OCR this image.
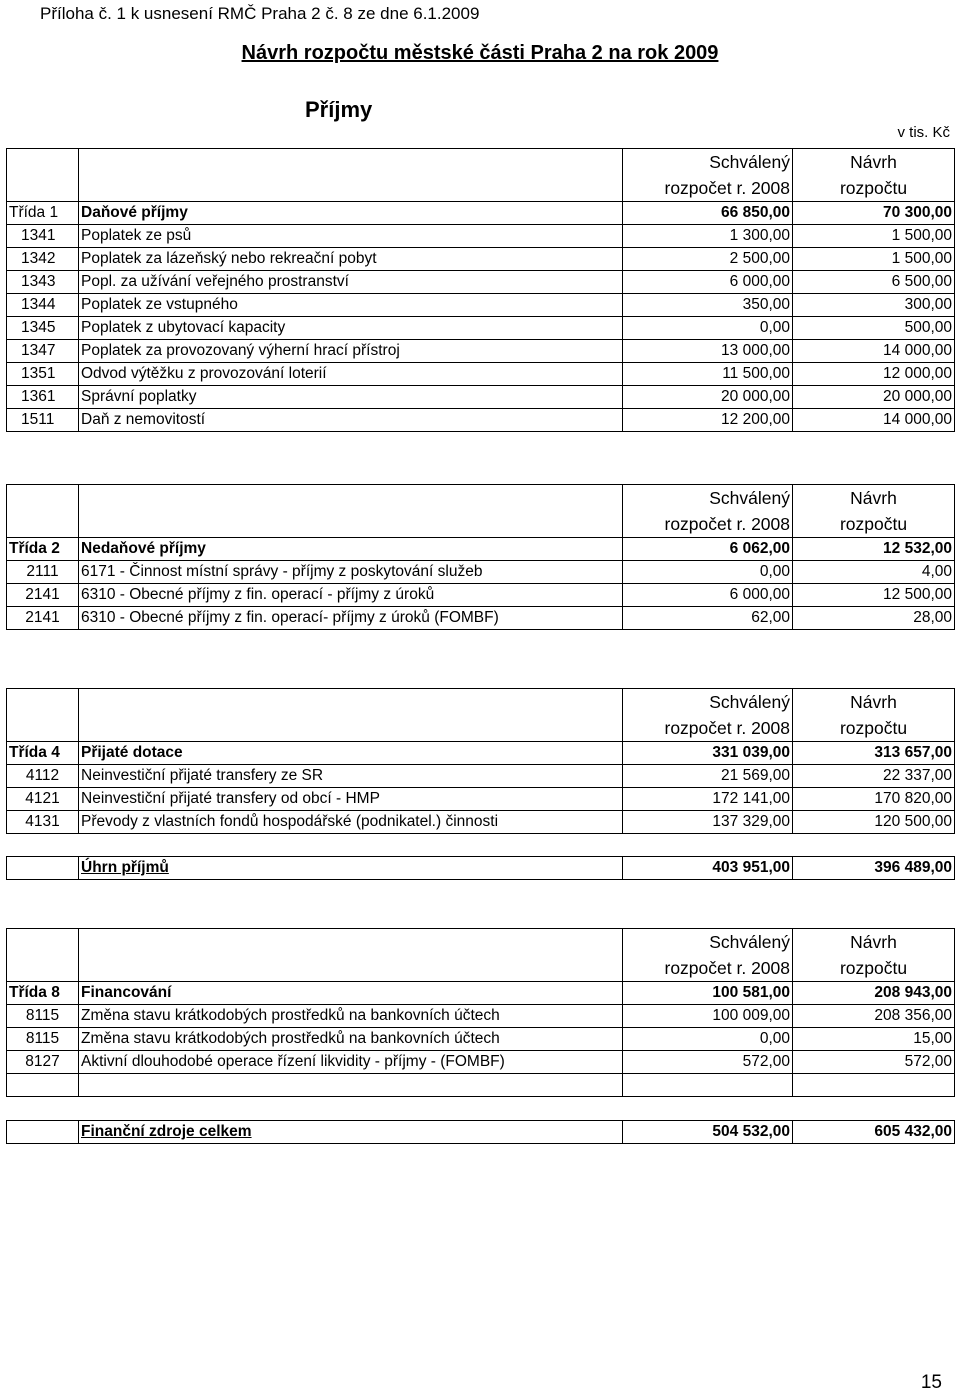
Příloha č. 1 k usnesení RMČ Praha 2 č. 8 ze dne 6.1.2009
Návrh rozpočtu městské části Praha 2 na rok 2009
Příjmy
v tis. Kč
		Schválený	Návrh
		rozpočet r. 2008	rozpočtu
Třída 1	Daňové příjmy	66 850,00	70 300,00
1341	Poplatek ze psů	1 300,00	1 500,00
1342	Poplatek za lázeňský nebo rekreační pobyt	2 500,00	1 500,00
1343	Popl. za užívání veřejného prostranství	6 000,00	6 500,00
1344	Poplatek ze vstupného	350,00	300,00
1345	Poplatek z ubytovací kapacity	0,00	500,00
1347	Poplatek za provozovaný výherní hrací přístroj	13 000,00	14 000,00
1351	Odvod výtěžku z provozování loterií	11 500,00	12 000,00
1361	Správní poplatky	20 000,00	20 000,00
1511	Daň z nemovitostí	12 200,00	14 000,00
		Schválený	Návrh
		rozpočet r. 2008	rozpočtu
Třída 2	Nedaňové příjmy	6 062,00	12 532,00
2111	6171 - Činnost místní správy - příjmy z poskytování služeb	0,00	4,00
2141	6310 - Obecné příjmy z fin. operací - příjmy z úroků	6 000,00	12 500,00
2141	6310 - Obecné příjmy z fin. operací- příjmy z úroků (FOMBF)	62,00	28,00
		Schválený	Návrh
		rozpočet r. 2008	rozpočtu
Třída 4	Přijaté dotace	331 039,00	313 657,00
4112	Neinvestiční přijaté transfery ze SR	21 569,00	22 337,00
4121	Neinvestiční přijaté transfery od obcí - HMP	172 141,00	170 820,00
4131	Převody z vlastních fondů hospodářské (podnikatel.) činnosti	137 329,00	120 500,00
	Úhrn příjmů	403 951,00	396 489,00
		Schválený	Návrh
		rozpočet r. 2008	rozpočtu
Třída 8	Financování	100 581,00	208 943,00
8115	Změna stavu krátkodobých prostředků na bankovních účtech	100 009,00	208 356,00
8115	Změna stavu krátkodobých prostředků na bankovních účtech	0,00	15,00
8127	Aktivní dlouhodobé operace řízení likvidity - příjmy - (FOMBF)	572,00	572,00

	Finanční zdroje celkem	504 532,00	605 432,00
15
